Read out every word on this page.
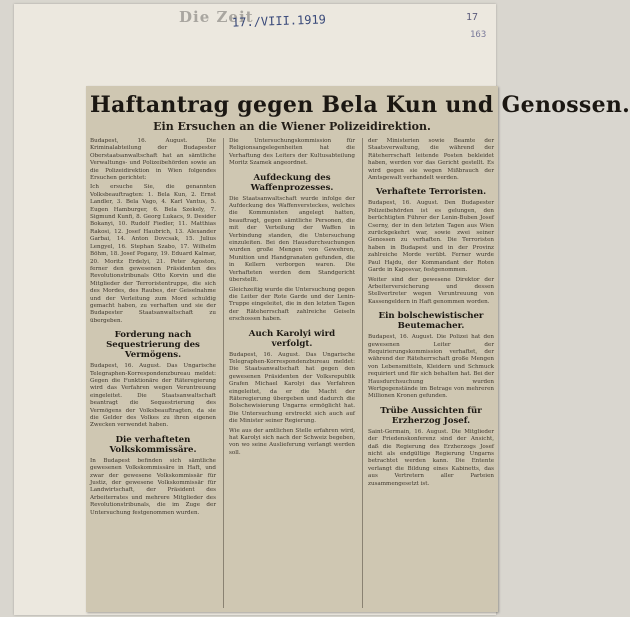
Die Zeit
17./VIII.1919	17
163
Haftantrag gegen Bela Kun und Genossen.
Ein Ersuchen an die Wiener Polizeidirektion.
Budapest, 16. August. Die Kriminalabteilung der Budapester Oberstaatsanwaltschaft hat an sämtliche Verwaltungs- und Polizeibehörden sowie an die Polizeidirektion in Wien folgendes Ersuchen gerichtet:
Ich ersuche Sie, die genannten Volksbeauftragten: 1. Bela Kun, 2. Ernst Landler, 3. Bela Vago, 4. Karl Vantus, 5. Eugen Hamburger, 6. Bela Szekely, 7. Sigmund Kunfi, 8. Georg Lukacs, 9. Desider Bokanyi, 10. Rudolf Fiedler, 11. Matthias Rakosi, 12. Josef Haubrich, 13. Alexander Garbai, 14. Anton Dovcsak, 15. Julius Lengyel, 16. Stephan Szabo, 17. Wilhelm Böhm, 18. Josef Pogany, 19. Eduard Kalmar, 20. Moritz Erdelyi, 21. Peter Agoston, ferner den gewesenen Präsidenten des Revolutionstribunals Otto Korvin und die Mitglieder der Terroristentruppe, die sich des Mordes, des Raubes, der Geiselnahme und der Verleitung zum Mord schuldig gemacht haben, zu verhaften und sie der Budapester Staatsanwaltschaft zu übergeben.
Forderung nach Sequestrierung des Vermögens.
Budapest, 16. August. Das Ungarische Telegraphen-Korrespondenzbureau meldet: Gegen die Funktionäre der Räteregierung wird das Verfahren wegen Veruntreuung eingeleitet. Die Staatsanwaltschaft beantragt die Sequestrierung des Vermögens der Volksbeauftragten, da sie die Gelder des Volkes zu ihren eigenen Zwecken verwendet haben.
Die verhafteten Volkskommissäre.
In Budapest befinden sich sämtliche gewesenen Volkskommissäre in Haft, und zwar der gewesene Volkskommissär für Justiz, der gewesene Volkskommissär für Landwirtschaft, der Präsident des Arbeiterrates und mehrere Mitglieder des Revolutionstribunals, die im Zuge der Untersuchung festgenommen wurden.
Die Untersuchungskommission für Religionsangelegenheiten hat die Verhaftung des Leiters der Kultusabteilung Moritz Szamek angeordnet.
Aufdeckung des Waffenprozesses.
Die Staatsanwaltschaft wurde infolge der Aufdeckung des Waffenversteckes, welches die Kommunisten angelegt hatten, beauftragt, gegen sämtliche Personen, die mit der Verteilung der Waffen in Verbindung standen, die Untersuchung einzuleiten. Bei den Hausdurchsuchungen wurden große Mengen von Gewehren, Munition und Handgranaten gefunden, die in Kellern verborgen waren. Die Verhafteten werden dem Standgericht überstellt.
Gleichzeitig wurde die Untersuchung gegen die Leiter der Rote Garde und der Lenin-Truppe eingeleitet, die in den letzten Tagen der Räteherrschaft zahlreiche Geiseln erschossen haben.
Auch Karolyi wird verfolgt.
Budapest, 16. August. Das Ungarische Telegraphen-Korrespondenzbureau meldet: Die Staatsanwaltschaft hat gegen den gewesenen Präsidenten der Volksrepublik Grafen Michael Karolyi das Verfahren eingeleitet, da er die Macht der Räteregierung übergeben und dadurch die Bolschewisierung Ungarns ermöglicht hat. Die Untersuchung erstreckt sich auch auf die Minister seiner Regierung.
Wie aus der amtlichen Stelle erfahren wird, hat Karolyi sich nach der Schweiz begeben, von wo seine Auslieferung verlangt werden soll.
der Ministerien sowie Beamte der Staatsverwaltung, die während der Räteherrschaft leitende Posten bekleidet haben, werden vor das Gericht gestellt. Es wird gegen sie wegen Mißbrauch der Amtsgewalt verhandelt werden.
Verhaftete Terroristen.
Budapest, 16. August. Den Budapester Polizeibehörden ist es gelungen, den berüchtigten Führer der Lenin-Buben Josef Cserny, der in den letzten Tagen aus Wien zurückgekehrt war, sowie zwei seiner Genossen zu verhaften. Die Terroristen haben in Budapest und in der Provinz zahlreiche Morde verübt. Ferner wurde Paul Hajdu, der Kommandant der Roten Garde in Kaposvar, festgenommen.
Weiter sind der gewesene Direktor der Arbeiterversicherung und dessen Stellvertreter wegen Veruntreuung von Kassengeldern in Haft genommen worden.
Ein bolschewistischer Beutemacher.
Budapest, 16. August. Die Polizei hat den gewesenen Leiter der Requirierungskommission verhaftet, der während der Räteherrschaft große Mengen von Lebensmitteln, Kleidern und Schmuck requiriert und für sich behalten hat. Bei der Hausdurchsuchung wurden Wertgegenstände im Betrage von mehreren Millionen Kronen gefunden.
Trübe Aussichten für Erzherzog Josef.
Saint-Germain, 16. August. Die Mitglieder der Friedenskonferenz sind der Ansicht, daß die Regierung des Erzherzogs Josef nicht als endgültige Regierung Ungarns betrachtet werden kann. Die Entente verlangt die Bildung eines Kabinetts, das aus Vertretern aller Parteien zusammengesetzt ist.
